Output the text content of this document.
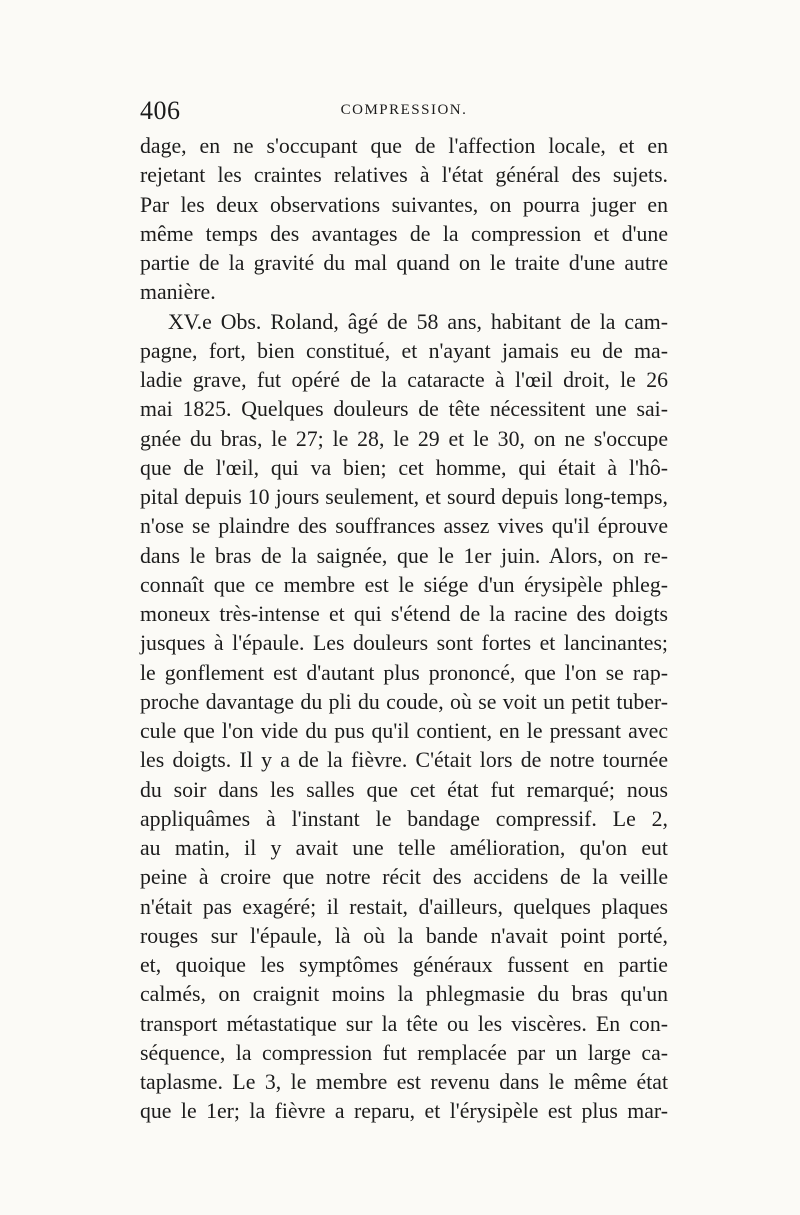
406	COMPRESSION.
dage, en ne s'occupant que de l'affection locale, et en
rejetant les craintes relatives à l'état général des sujets.
Par les deux observations suivantes, on pourra juger en
même temps des avantages de la compression et d'une
partie de la gravité du mal quand on le traite d'une autre
manière.
XV.e Obs. Roland, âgé de 58 ans, habitant de la cam-
pagne, fort, bien constitué, et n'ayant jamais eu de ma-
ladie grave, fut opéré de la cataracte à l'œil droit, le 26
mai 1825. Quelques douleurs de tête nécessitent une sai-
gnée du bras, le 27; le 28, le 29 et le 30, on ne s'occupe
que de l'œil, qui va bien; cet homme, qui était à l'hô-
pital depuis 10 jours seulement, et sourd depuis long-temps,
n'ose se plaindre des souffrances assez vives qu'il éprouve
dans le bras de la saignée, que le 1er juin. Alors, on re-
connaît que ce membre est le siége d'un érysipèle phleg-
moneux très-intense et qui s'étend de la racine des doigts
jusques à l'épaule. Les douleurs sont fortes et lancinantes;
le gonflement est d'autant plus prononcé, que l'on se rap-
proche davantage du pli du coude, où se voit un petit tuber-
cule que l'on vide du pus qu'il contient, en le pressant avec
les doigts. Il y a de la fièvre. C'était lors de notre tournée
du soir dans les salles que cet état fut remarqué; nous
appliquâmes à l'instant le bandage compressif. Le 2,
au matin, il y avait une telle amélioration, qu'on eut
peine à croire que notre récit des accidens de la veille
n'était pas exagéré; il restait, d'ailleurs, quelques plaques
rouges sur l'épaule, là où la bande n'avait point porté,
et, quoique les symptômes généraux fussent en partie
calmés, on craignit moins la phlegmasie du bras qu'un
transport métastatique sur la tête ou les viscères. En con-
séquence, la compression fut remplacée par un large ca-
taplasme. Le 3, le membre est revenu dans le même état
que le 1er; la fièvre a reparu, et l'érysipèle est plus mar-
